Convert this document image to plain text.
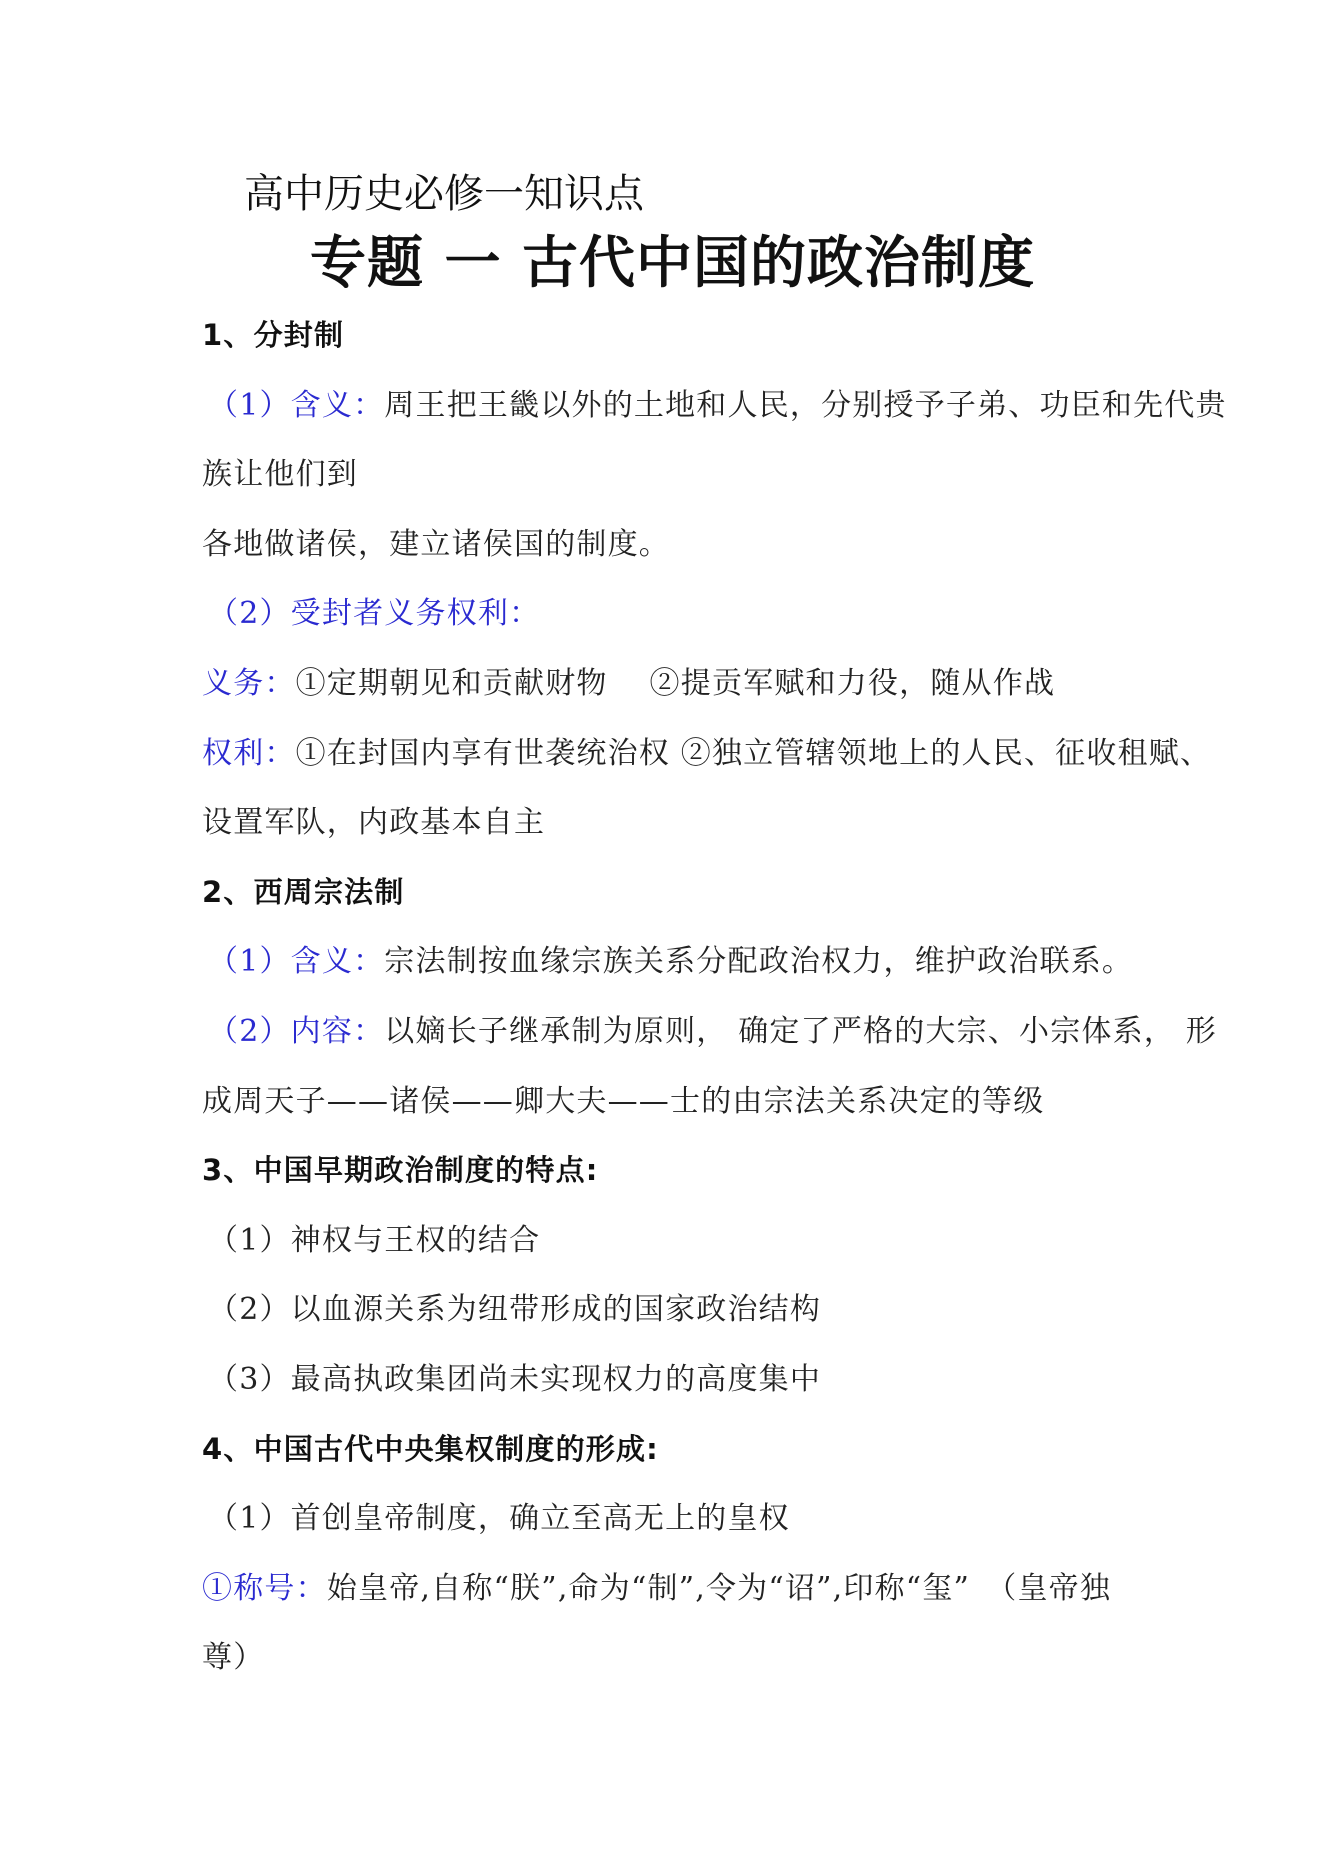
高中历史必修一知识点
专题 一 古代中国的政治制度
1、分封制
（1）含义：周王把王畿以外的土地和人民，分别授予子弟、功臣和先代贵
族让他们到
各地做诸侯，建立诸侯国的制度。
（2）受封者义务权利：
义务：①定期朝见和贡献财物　 ②提贡军赋和力役，随从作战
权利：①在封国内享有世袭统治权 ②独立管辖领地上的人民、征收租赋、
设置军队，内政基本自主
2、西周宗法制
（1）含义：宗法制按血缘宗族关系分配政治权力，维护政治联系。
（2）内容：以嫡长子继承制为原则， 确定了严格的大宗、小宗体系， 形
成周天子——诸侯——卿大夫——士的由宗法关系决定的等级
3、中国早期政治制度的特点:
（1）神权与王权的结合
（2）以血源关系为纽带形成的国家政治结构
（3）最高执政集团尚未实现权力的高度集中
4、中国古代中央集权制度的形成:
（1）首创皇帝制度，确立至高无上的皇权
①称号：始皇帝,自称“朕”,命为“制”,令为“诏”,印称“玺”　（皇帝独
尊）
